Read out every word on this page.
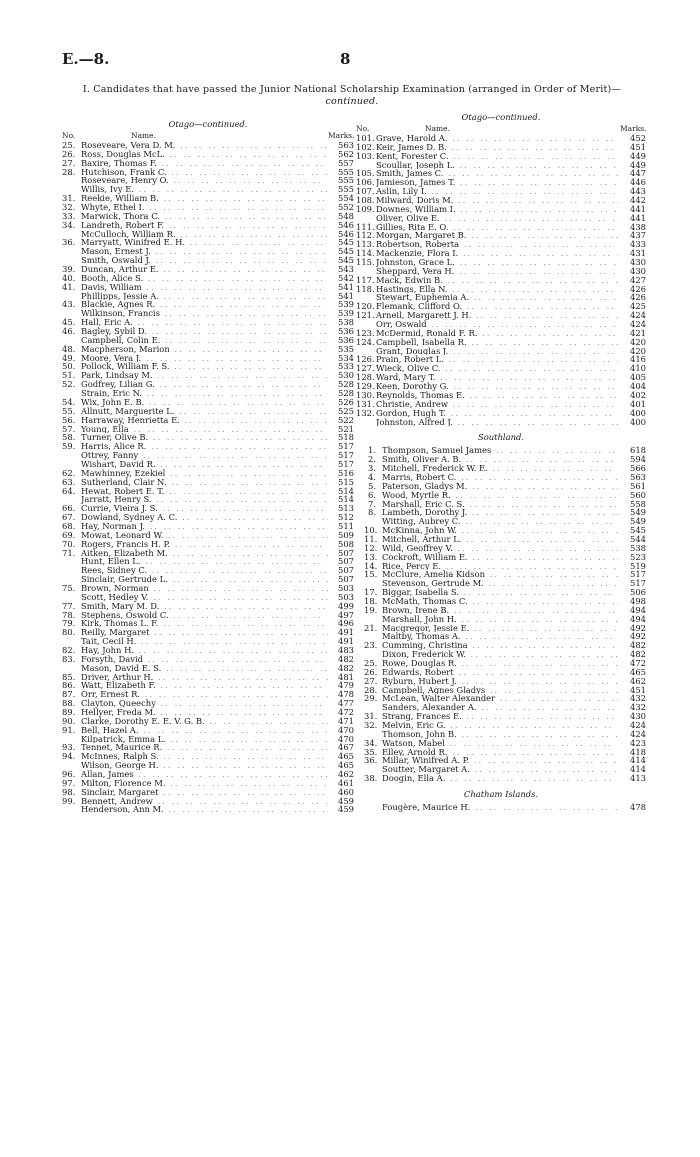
E.—8.	8
I. Candidates that have passed the Junior National Scholarship Examination (arranged in Order of Merit)—continued.
Otago—continued.
No.	Name.	Marks.
25. Roseveare, Vera D. M. .. ..	563
26. Ross, Douglas McL. .. ..	562
27. Baxire, Thomas F. .. ..	557
28. Hutchison, Frank C. .. ..	555
Roseveare, Henry O. .. ..	555
Willis, Ivy E. .. ..	555
31. Reekie, William B. .. ..	554
32. Whyte, Ethel I. .. ..	552
33. Marwick, Thora C. .. ..	548
34. Landreth, Robert F. .. ..	546
McCulloch, William R. .. ..	546
36. Marryatt, Winifred E. H. .. ..	545
Mason, Ernest J. .. ..	545
Smith, Oswald J. .. ..	545
39. Duncan, Arthur E. .. ..	543
40. Booth, Alice S. .. ..	542
41. Davis, William .. ..	541
Phillipps, Jessie A. .. ..	541
43. Blackie, Agnes R. .. ..	539
Wilkinson, Francis .. ..	539
45. Hall, Eric A. .. ..	538
46. Bagley, Sybil D. .. ..	536
Campbell, Colin E. .. ..	536
48. Macpherson, Marion .. ..	535
49. Moore, Vera J. .. ..	534
50. Pollock, William F. S. .. ..	533
51. Park, Lindsay M. .. ..	530
52. Godfrey, Lilian G. .. ..	528
Strain, Eric N. .. ..	528
54. Wix, John E. B. .. ..	526
55. Allnutt, Marguerite L. .. ..	525
56. Harraway, Henrietta E. .. ..	522
57. Young, Ella .. ..	521
58. Turner, Olive B. .. ..	518
59. Harris, Alice R. .. ..	517
Ottrey, Fanny .. ..	517
Wishart, David R. .. ..	517
62. Mawhinney, Ezekiel .. ..	516
63. Sutherland, Clair N. .. ..	515
64. Hewat, Robert E. T. .. ..	514
Jarratt, Henry S. .. ..	514
66. Currie, Vieira J. S. .. ..	513
67. Dowland, Sydney A. C. .. ..	512
68. Hay, Norman J. .. ..	511
69. Mowat, Leonard W. .. ..	509
70. Rogers, Francis H. P. .. ..	508
71. Aitken, Elizabeth M. .. ..	507
Hunt, Ellen L. .. ..	507
Rees, Sidney C. .. ..	507
Sinclair, Gertrude L. .. ..	507
75. Brown, Norman .. ..	503
Scott, Hedley V. .. ..	503
77. Smith, Mary M. D. .. ..	499
78. Stephens, Oswold C. .. ..	497
79. Kirk, Thomas L. F. .. ..	496
80. Reilly, Margaret .. ..	491
Tait, Cecil H. .. ..	491
82. Hay, John H. .. ..	483
83. Forsyth, David .. ..	482
Mason, David E. S. .. ..	482
85. Driver, Arthur H. .. ..	481
86. Watt, Elizabeth F. .. ..	479
87. Orr, Ernest R. .. ..	478
88. Clayton, Queechy .. ..	477
89. Hellyer, Freda M. .. ..	472
90. Clarke, Dorothy E. E. V. G. B. .. ..	471
91. Bell, Hazel A. .. ..	470
Kilpatrick, Emma L. .. ..	470
93. Tennet, Maurice R. .. ..	467
94. McInnes, Ralph S. .. ..	465
Wilson, George H. .. ..	465
96. Allan, James .. ..	462
97. Milton, Florence M. .. ..	461
98. Sinclair, Margaret .. ..	460
99. Bennett, Andrew .. ..	459
Henderson, Ann M. .. ..	459
Otago—continued.
No.	Name.	Marks.
101. Grave, Harold A. .. ..	452
102. Keir, James D. B. .. ..	451
103. Kent, Forester C. .. ..	449
Scoullar, Joseph L. .. ..	449
105. Smith, James C. .. ..	447
106. Jamieson, James T. .. ..	446
107. Aslin, Lily I. .. ..	443
108. Milward, Doris M. .. ..	442
109. Downes, William I. .. ..	441
Oliver, Olive E. .. ..	441
111. Gillies, Rita E. O. .. ..	438
112. Morgan, Margaret B. .. ..	437
113. Robertson, Roberta .. ..	433
114. Mackenzie, Flora I. .. ..	431
115. Johnston, Grace L. .. ..	430
Sheppard, Vera H. .. ..	430
117. Mack, Edwin B. .. ..	427
118. Hastings, Ella N. .. ..	426
Stewart, Euphemia A. .. ..	426
120. Flemank, Clifford O. .. ..	425
121. Arneil, Margarett J. H. .. ..	424
Orr, Oswald .. ..	424
123. McDermid, Ronald F. R. .. ..	421
124. Campbell, Isabella R. .. ..	420
Grant, Douglas J. .. ..	420
126. Prain, Robert L. .. ..	416
127. Wieck, Olive C. .. ..	410
128. Ward, Mary T. .. ..	405
129. Keen, Dorothy G. .. ..	404
130. Reynolds, Thomas E. .. ..	402
131. Christie, Andrew .. ..	401
132. Gordon, Hugh T. .. ..	400
Johnston, Alfred J. .. ..	400
Southland.
1. Thompson, Samuel James .. ..	618
2. Smith, Oliver A. B. .. ..	594
3. Mitchell, Frederick W. E. .. ..	566
4. Marris, Robert C. .. ..	563
5. Paterson, Gladys M. .. ..	561
6. Wood, Myrtle R. .. ..	560
7. Marshall, Eric C. S. .. ..	558
8. Lambeth, Dorothy J. .. ..	549
Witting, Aubrey C. .. ..	549
10. McKinna, John W. .. ..	545
11. Mitchell, Arthur L. .. ..	544
12. Wild, Geoffrey V. .. ..	538
13. Cockroft, William E. .. ..	523
14. Rice, Percy E. .. ..	519
15. McClure, Amelia Kidson .. ..	517
Stevenson, Gertrude M. .. ..	517
17. Biggar, Isabella S. .. ..	506
18. McMath, Thomas C. .. ..	498
19. Brown, Irene B. .. ..	494
Marshall, John H. .. ..	494
21. Macgregor, Jessie E. .. ..	492
Maltby, Thomas A. .. ..	492
23. Cumming, Christina .. ..	482
Dixon, Frederick W. .. ..	482
25. Rowe, Douglas R. .. ..	472
26. Edwards, Robert .. ..	465
27. Ryburn, Hubert J. .. ..	462
28. Campbell, Agnes Gladys .. ..	451
29. McLean, Walter Alexander .. ..	432
Sanders, Alexander A. .. ..	432
31. Strang, Frances E. .. ..	430
32. Melvin, Eric G. .. ..	424
Thomson, John B. .. ..	424
34. Watson, Mabel .. ..	423
35. Elley, Arnold R. .. ..	418
36. Millar, Winifred A. P. .. ..	414
Soutter, Margaret A. .. ..	414
38. Doogin, Ella A. .. ..	413
Chatham Islands.
Fougère, Maurice H. .. ..	478
